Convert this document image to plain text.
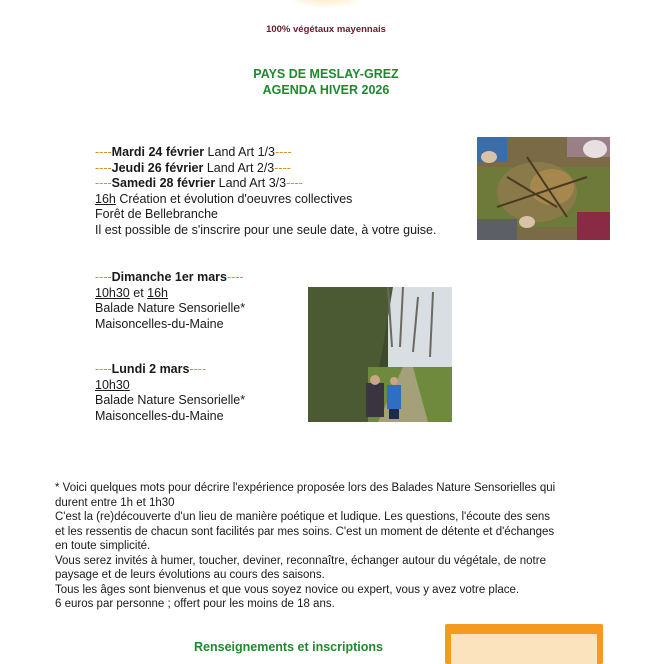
100% végétaux mayennais
PAYS DE MESLAY-GREZ
AGENDA HIVER 2026
----Mardi 24 février Land Art 1/3----
----Jeudi 26 février Land Art 2/3----
----Samedi 28 février Land Art 3/3----
16h Création et évolution d'oeuvres collectives
Forêt de Bellebranche
Il est possible de s'inscrire pour une seule date, à votre guise.
----Dimanche 1er mars----
10h30 et 16h
Balade Nature Sensorielle*
Maisoncelles-du-Maine
----Lundi 2 mars----
10h30
Balade Nature Sensorielle*
Maisoncelles-du-Maine
* Voici quelques mots pour décrire l'expérience proposée lors des Balades Nature Sensorielles qui
durent entre 1h et 1h30
C'est la (re)découverte d'un lieu de manière poétique et ludique. Les questions, l'écoute des sens
et les ressentis de chacun sont facilités par mes soins. C'est un moment de détente et d'échanges
en toute simplicité.
Vous serez invités à humer, toucher, deviner, reconnaître, échanger autour du végétale, de notre
paysage et de leurs évolutions au cours des saisons.
Tous les âges sont bienvenus et que vous soyez novice ou expert, vous y avez votre place.
6 euros par personne ; offert pour les moins de 18 ans.
Renseignements et inscriptions
